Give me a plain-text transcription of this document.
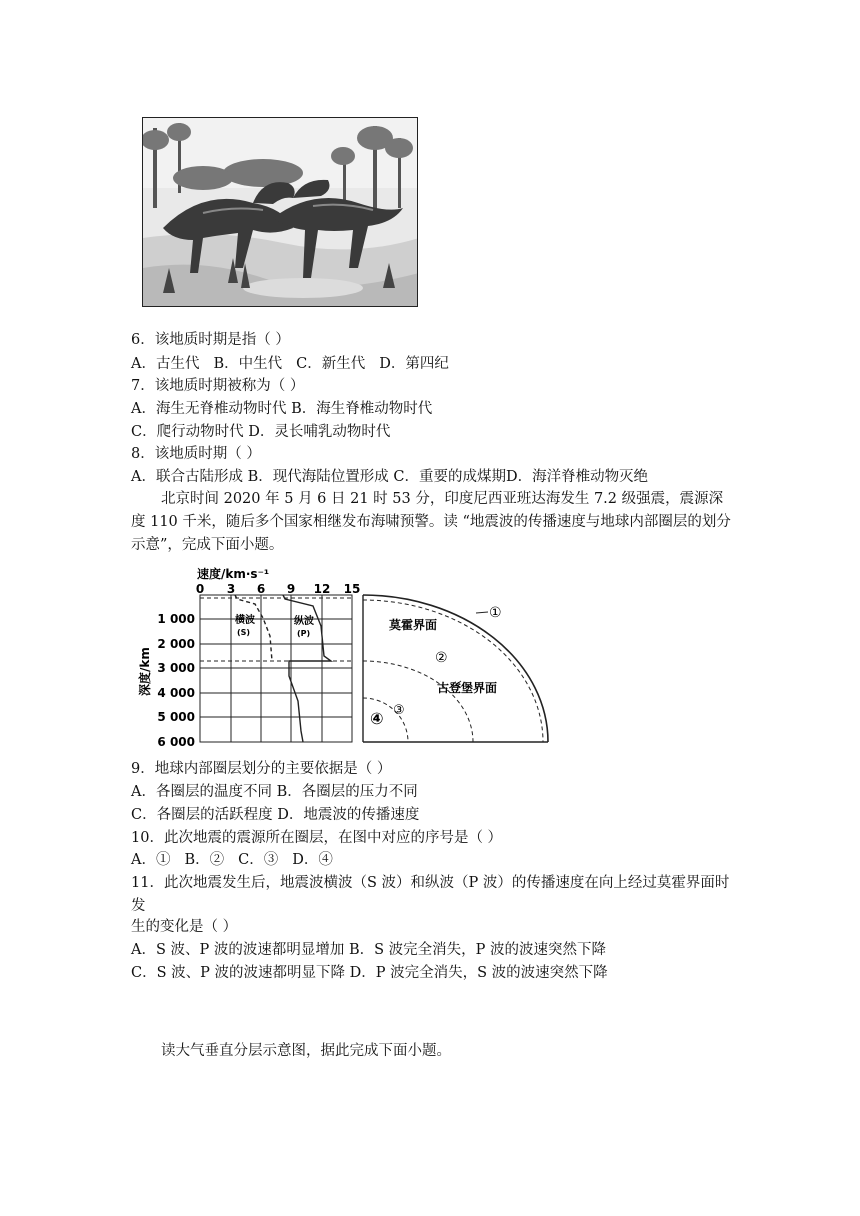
6．该地质时期是指（ ）
A．古生代 B．中生代 C．新生代 D．第四纪
7．该地质时期被称为（ ）
A．海生无脊椎动物时代 B．海生脊椎动物时代
C．爬行动物时代 D．灵长哺乳动物时代
8．该地质时期（ ）
A．联合古陆形成 B．现代海陆位置形成 C．重要的成煤期D．海洋脊椎动物灭绝
北京时间 2020 年 5 月 6 日 21 时 53 分，印度尼西亚班达海发生 7.2 级强震，震源深度 110 千米，随后多个国家相继发布海啸预警。读 “地震波的传播速度与地球内部圈层的划分示意”，完成下面小题。
速度/km·s⁻¹
0 3 6 9 12 15
1 000
2 000
3 000
4 000
5 000
6 000
深度/km
横波
(S)
纵波
(P)
莫霍界面
古登堡界面
①
②
③
④
9．地球内部圈层划分的主要依据是（ ）
A．各圈层的温度不同 B．各圈层的压力不同
C．各圈层的活跃程度 D．地震波的传播速度
10．此次地震的震源所在圈层，在图中对应的序号是（ ）
A．① B．② C．③ D．④
11．此次地震发生后，地震波横波（S 波）和纵波（P 波）的传播速度在向上经过莫霍界面时发
生的变化是（ ）
A．S 波、P 波的波速都明显增加 B．S 波完全消失，P 波的波速突然下降
C．S 波、P 波的波速都明显下降 D．P 波完全消失，S 波的波速突然下降
读大气垂直分层示意图，据此完成下面小题。
